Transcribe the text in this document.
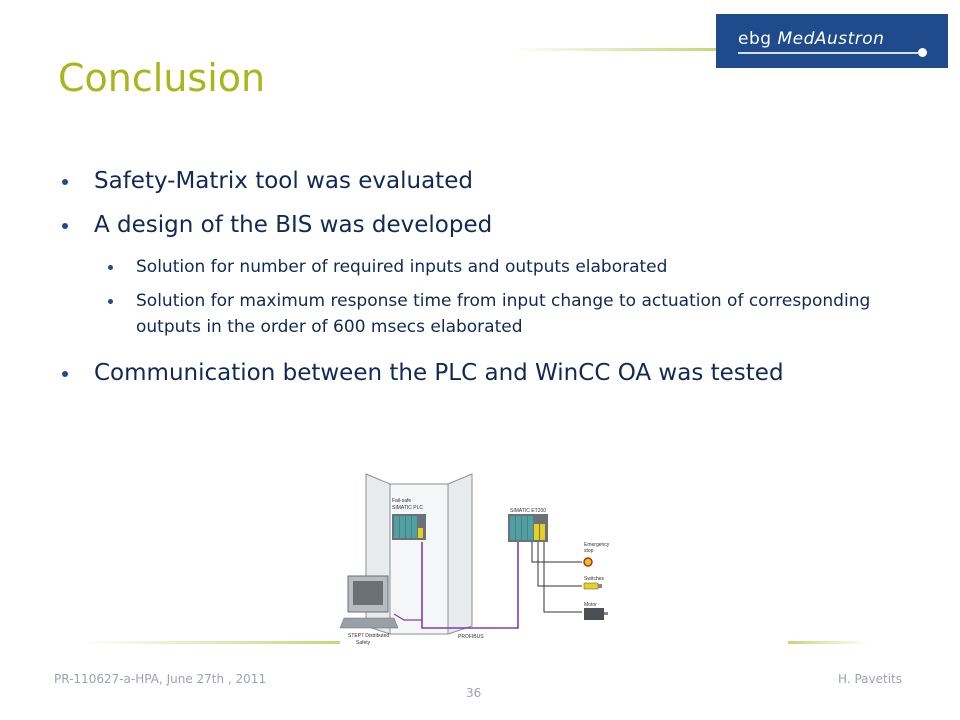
ebg MedAustron
Conclusion
Safety-Matrix tool was evaluated
A design of the BIS was developed
Solution for number of required inputs and outputs elaborated
Solution for maximum response time from input change to actuation of corresponding outputs in the order of 600 msecs elaborated
Communication between the PLC and WinCC OA was tested
Fail-safe
SIMATIC PLC	SIMATIC ET200
Emergency
stop
Switches
Motor
STEP7 Distributed
Safety
PROFIBUS
PR-110627-a-HPA, June 27th , 2011	H. Pavetits
36
